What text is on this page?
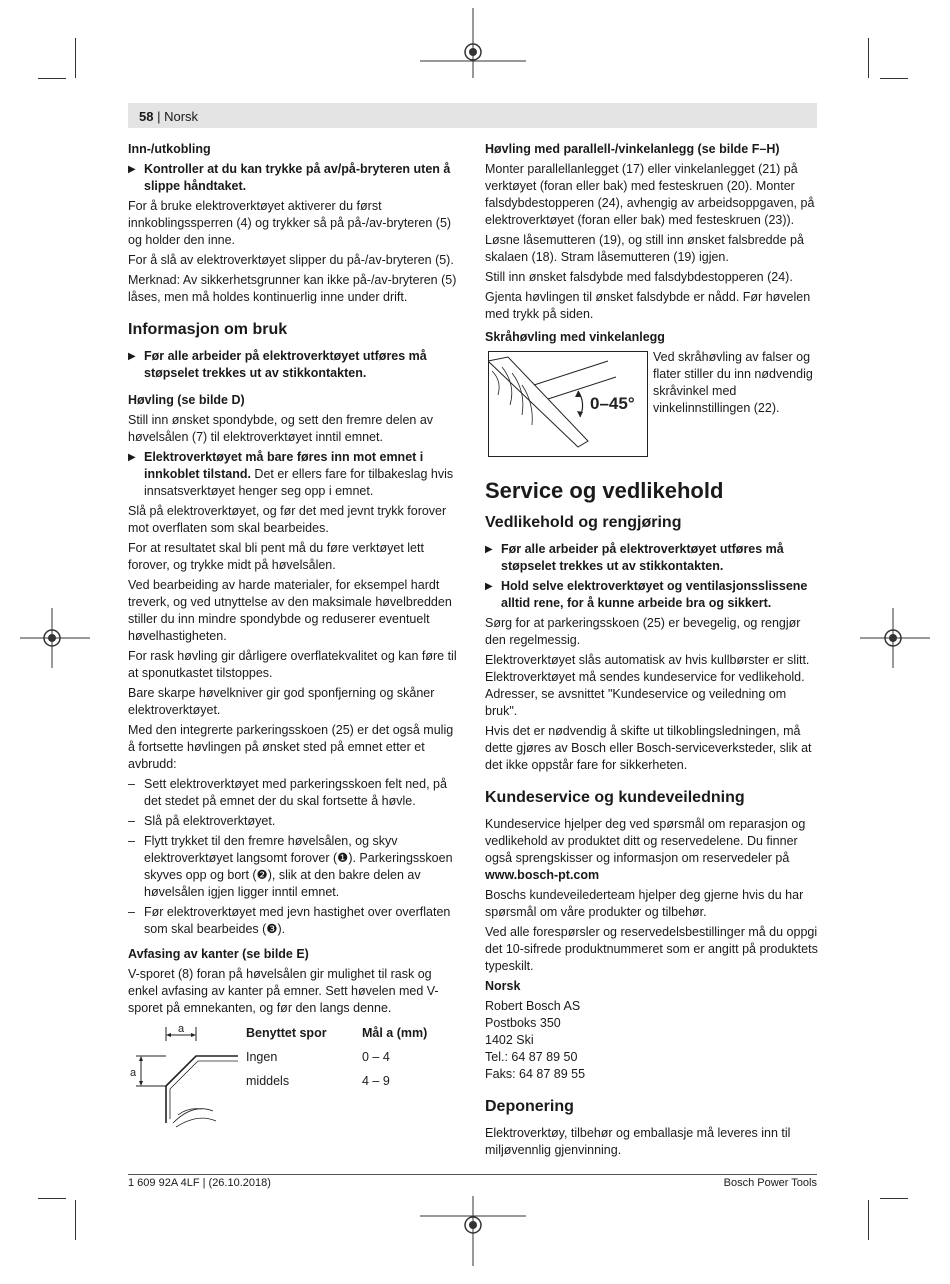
58 | Norsk
Inn-/utkobling
▶ Kontroller at du kan trykke på av/på-bryteren uten å slippe håndtaket.

For å bruke elektroverktøyet aktiverer du først innkoblingssperren (4) og trykker så på på-/av-bryteren (5) og holder den inne.

For å slå av elektroverktøyet slipper du på-/av-bryteren (5).

Merknad: Av sikkerhetsgrunner kan ikke på-/av-bryteren (5) låses, men må holdes kontinuerlig inne under drift.

Informasjon om bruk
▶ Før alle arbeider på elektroverktøyet utføres må støpselet trekkes ut av stikkontakten.
Høvling (se bilde D)

Still inn ønsket spondybde, og sett den fremre delen av høvelsålen (7) til elektroverktøyet inntil emnet.

▶ Elektroverktøyet må bare føres inn mot emnet i innkoblet tilstand. Det er ellers fare for tilbakeslag hvis innsatsverktøyet henger seg opp i emnet.

Slå på elektroverktøyet, og før det med jevnt trykk forover mot overflaten som skal bearbeides.

For at resultatet skal bli pent må du føre verktøyet lett forover, og trykke midt på høvelsålen.

Ved bearbeiding av harde materialer, for eksempel hardt treverk, og ved utnyttelse av den maksimale høvelbredden stiller du inn mindre spondybde og reduserer eventuelt høvelhastigheten.

For rask høvling gir dårligere overflatekvalitet og kan føre til at sponutkastet tilstoppes.

Bare skarpe høvelkniver gir god sponfjerning og skåner elektroverktøyet.

Med den integrerte parkeringsskoen (25) er det også mulig å fortsette høvlingen på ønsket sted på emnet etter et avbrudd:

– Sett elektroverktøyet med parkeringsskoen felt ned, på det stedet på emnet der du skal fortsette å høvle.
– Slå på elektroverktøyet.
– Flytt trykket til den fremre høvelsålen, og skyv elektroverktøyet langsomt forover (❶). Parkeringsskoen skyves opp og bort (❷), slik at den bakre delen av høvelsålen igjen ligger inntil emnet.
– Før elektroverktøyet med jevn hastighet over overflaten som skal bearbeides (❸).
Avfasing av kanter (se bilde E)

V-sporet (8) foran på høvelsålen gir mulighet til rask og enkel avfasing av kanter på emner. Sett høvelen med V-sporet på emnekanten, og før den langs denne.

a
a
Benyttet spor	Mål a (mm)
Ingen	0 – 4
middels	4 – 9
Høvling med parallell-/vinkelanlegg (se bilde F–H)

Monter parallellanlegget (17) eller vinkelanlegget (21) på verktøyet (foran eller bak) med festeskruen (20). Monter falsdybdestopperen (24), avhengig av arbeidsoppgaven, på elektroverktøyet (foran eller bak) med festeskruen (23)).

Løsne låsemutteren (19), og still inn ønsket falsbredde på skalaen (18). Stram låsemutteren (19) igjen.

Still inn ønsket falsdybde med falsdybdestopperen (24).

Gjenta høvlingen til ønsket falsdybde er nådd. Før høvelen med trykk på siden.

Skråhøvling med vinkelanlegg
0–45°
Ved skråhøvling av falser og flater stiller du inn nødvendig skråvinkel med vinkelinnstillingen (22).
Service og vedlikehold
Vedlikehold og rengjøring
▶ Før alle arbeider på elektroverktøyet utføres må støpselet trekkes ut av stikkontakten.
▶ Hold selve elektroverktøyet og ventilasjonsslissene alltid rene, for å kunne arbeide bra og sikkert.

Sørg for at parkeringsskoen (25) er bevegelig, og rengjør den regelmessig.

Elektroverktøyet slås automatisk av hvis kullbørster er slitt. Elektroverktøyet må sendes kundeservice for vedlikehold. Adresser, se avsnittet "Kundeservice og veiledning om bruk".

Hvis det er nødvendig å skifte ut tilkoblingsledningen, må dette gjøres av Bosch eller Bosch-serviceverksteder, slik at det ikke oppstår fare for sikkerheten.

Kundeservice og kundeveiledning

Kundeservice hjelper deg ved spørsmål om reparasjon og vedlikehold av produktet ditt og reservedelene. Du finner også sprengskisser og informasjon om reservedeler på

www.bosch-pt.com

Boschs kundeveilederteam hjelper deg gjerne hvis du har spørsmål om våre produkter og tilbehør.

Ved alle forespørsler og reservedelsbestillinger må du oppgi det 10-sifrede produktnummeret som er angitt på produktets typeskilt.

Norsk

Robert Bosch AS
Postboks 350
1402 Ski
Tel.: 64 87 89 50
Faks: 64 87 89 55
Deponering

Elektroverktøy, tilbehør og emballasje må leveres inn til miljøvennlig gjenvinning.

1 609 92A 4LF | (26.10.2018)	Bosch Power Tools
